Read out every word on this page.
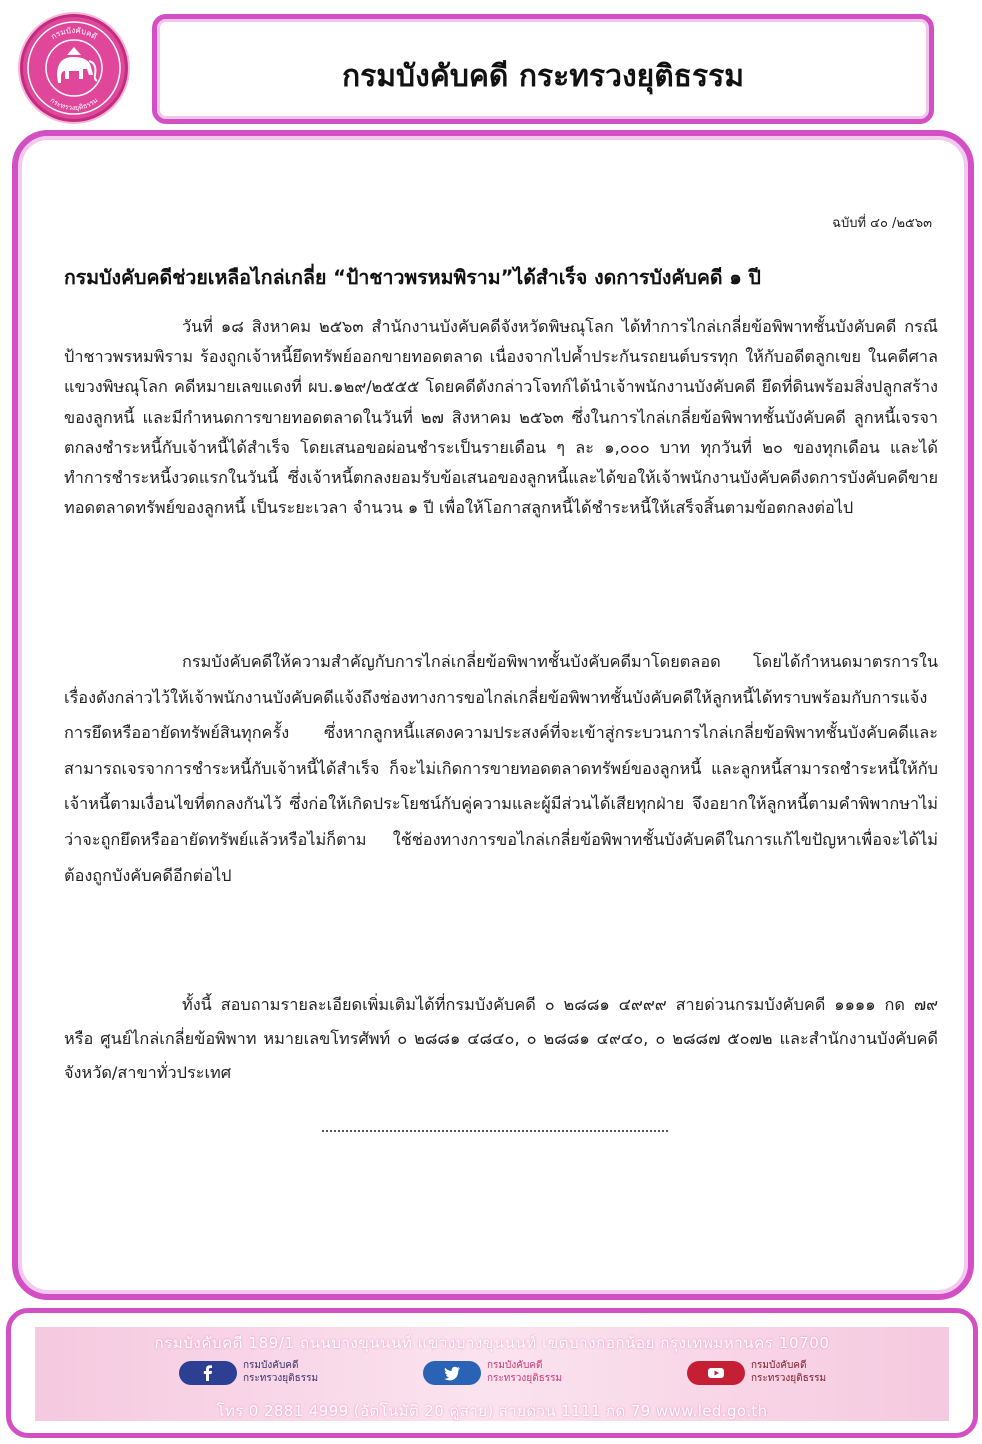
กรมบังคับคดี
กระทรวงยุติธรรม
กรมบังคับคดี กระทรวงยุติธรรม
ฉบับที่ ๔๐ /๒๕๖๓
กรมบังคับคดีช่วยเหลือไกล่เกลี่ย “ป้าชาวพรหมพิราม”ได้สำเร็จ งดการบังคับคดี ๑ ปี

วันที่ ๑๘ สิงหาคม ๒๕๖๓ สำนักงานบังคับคดีจังหวัดพิษณุโลก ได้ทำการไกล่เกลี่ยข้อพิพาทชั้นบังคับคดี กรณีป้าชาวพรหมพิราม ร้องถูกเจ้าหนี้ยึดทรัพย์ออกขายทอดตลาด เนื่องจากไปค้ำประกันรถยนต์บรรทุก ให้กับอดีตลูกเขย ในคดีศาลแขวงพิษณุโลก คดีหมายเลขแดงที่ ผบ.๑๒๙/๒๕๕๕ โดยคดีดังกล่าวโจทก์ได้นำเจ้าพนักงานบังคับคดี ยึดที่ดินพร้อมสิ่งปลูกสร้างของลูกหนี้ และมีกำหนดการขายทอดตลาดในวันที่ ๒๗ สิงหาคม ๒๕๖๓ ซึ่งในการไกล่เกลี่ยข้อพิพาทชั้นบังคับคดี ลูกหนี้เจรจาตกลงชำระหนี้กับเจ้าหนี้ได้สำเร็จ โดยเสนอขอผ่อนชำระเป็นรายเดือน ๆ ละ ๑,๐๐๐ บาท ทุกวันที่ ๒๐ ของทุกเดือน และได้ทำการชำระหนี้งวดแรกในวันนี้ ซึ่งเจ้าหนี้ตกลงยอมรับข้อเสนอของลูกหนี้และได้ขอให้เจ้าพนักงานบังคับคดีงดการบังคับคดีขายทอดตลาดทรัพย์ของลูกหนี้ เป็นระยะเวลา จำนวน ๑ ปี เพื่อให้โอกาสลูกหนี้ได้ชำระหนี้ให้เสร็จสิ้นตามข้อตกลงต่อไป

กรมบังคับคดีให้ความสำคัญกับการไกล่เกลี่ยข้อพิพาทชั้นบังคับคดีมาโดยตลอด โดยได้กำหนดมาตรการในเรื่องดังกล่าวไว้ให้เจ้าพนักงานบังคับคดีแจ้งถึงช่องทางการขอไกล่เกลี่ยข้อพิพาทชั้นบังคับคดีให้ลูกหนี้ได้ทราบพร้อมกับการแจ้งการยึดหรืออายัดทรัพย์สินทุกครั้ง ซึ่งหากลูกหนี้แสดงความประสงค์ที่จะเข้าสู่กระบวนการไกล่เกลี่ยข้อพิพาทชั้นบังคับคดีและสามารถเจรจาการชำระหนี้กับเจ้าหนี้ได้สำเร็จ ก็จะไม่เกิดการขายทอดตลาดทรัพย์ของลูกหนี้ และลูกหนี้สามารถชำระหนี้ให้กับเจ้าหนี้ตามเงื่อนไขที่ตกลงกันไว้ ซึ่งก่อให้เกิดประโยชน์กับคู่ความและผู้มีส่วนได้เสียทุกฝ่าย จึงอยากให้ลูกหนี้ตามคำพิพากษาไม่ว่าจะถูกยึดหรืออายัดทรัพย์แล้วหรือไม่ก็ตาม ใช้ช่องทางการขอไกล่เกลี่ยข้อพิพาทชั้นบังคับคดีในการแก้ไขปัญหาเพื่อจะได้ไม่ต้องถูกบังคับคดีอีกต่อไป

ทั้งนี้ สอบถามรายละเอียดเพิ่มเติมได้ที่กรมบังคับคดี ๐ ๒๘๘๑ ๔๙๙๙ สายด่วนกรมบังคับคดี ๑๑๑๑ กด ๗๙ หรือ ศูนย์ไกล่เกลี่ยข้อพิพาท หมายเลขโทรศัพท์ ๐ ๒๘๘๑ ๔๘๔๐, ๐ ๒๘๘๑ ๔๙๔๐, ๐ ๒๘๘๗ ๕๐๗๒ และสำนักงานบังคับคดีจังหวัด/สาขาทั่วประเทศ

กรมบังคับคดี 189/1 ถนนบางขุนนนท์ แขวงบางขุนนนท์ เขตบางกอกน้อย กรุงเทพมหานคร 10700
กรมบังคับคดี
กระทรวงยุติธรรม
กรมบังคับคดี
กระทรวงยุติธรรม
กรมบังคับคดี
กระทรวงยุติธรรม
โทร 0 2881 4999 (อัตโนมัติ 20 คู่สาย) สายด่วน 1111 กด 79 www.led.go.th
